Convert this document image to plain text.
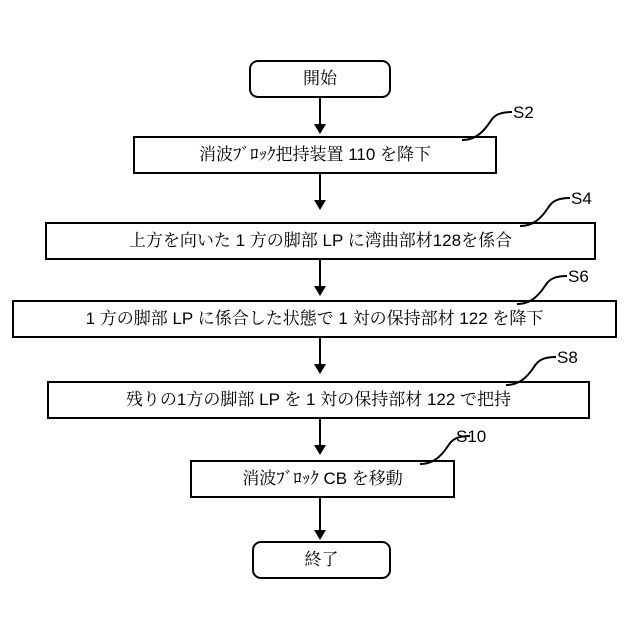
開始
消波ﾌﾞﾛｯｸ把持装置 110 を降下
S2
上方を向いた 1 方の脚部 LP に湾曲部材128を係合
S4
1 方の脚部 LP に係合した状態で 1 対の保持部材 122 を降下
S6
残りの1方の脚部 LP を 1 対の保持部材 122 で把持
S8
消波ﾌﾞﾛｯｸ CB を移動
S10
終了
